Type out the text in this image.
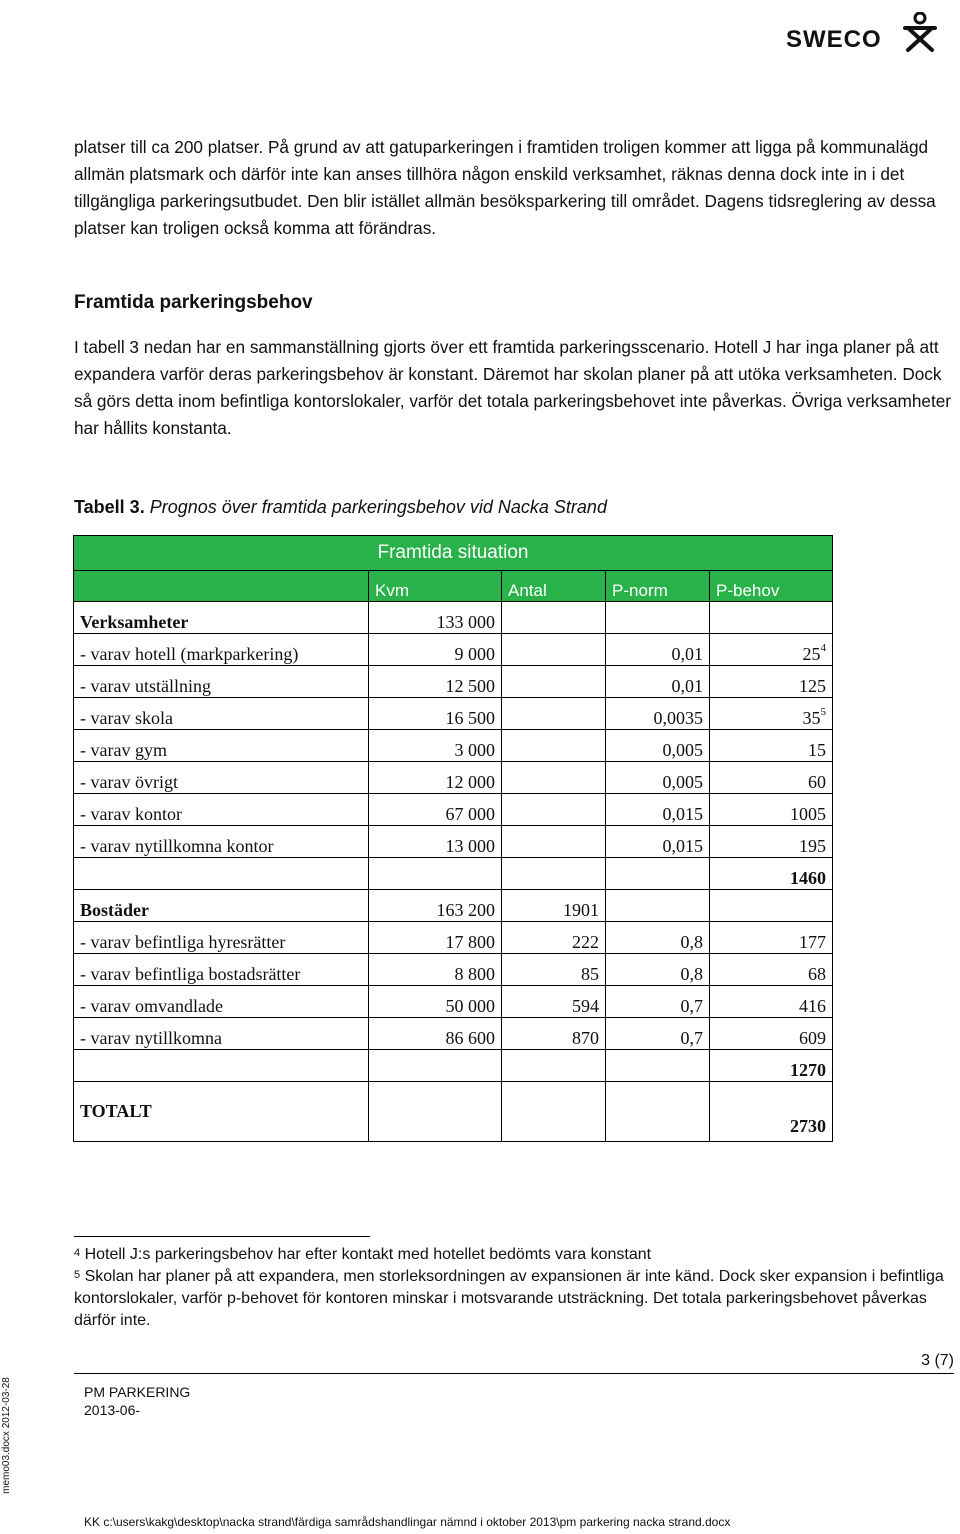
SWECO
platser till ca 200 platser. På grund av att gatuparkeringen i framtiden troligen kommer att ligga på kommunalägd allmän platsmark och därför inte kan anses tillhöra någon enskild verksamhet, räknas denna dock inte in i det tillgängliga parkeringsutbudet. Den blir istället allmän besöksparkering till området. Dagens tidsreglering av dessa platser kan troligen också komma att förändras.
Framtida parkeringsbehov
I tabell 3 nedan har en sammanställning gjorts över ett framtida parkeringsscenario. Hotell J har inga planer på att expandera varför deras parkeringsbehov är konstant. Däremot har skolan planer på att utöka verksamheten. Dock så görs detta inom befintliga kontorslokaler, varför det totala parkeringsbehovet inte påverkas. Övriga verksamheter har hållits konstanta.
Tabell 3. Prognos över framtida parkeringsbehov vid Nacka Strand
Framtida situation				
	Kvm	Antal	P-norm	P-behov
Verksamheter	133 000			
- varav hotell (markparkering)	9 000		0,01	$25^4$
- varav utställning	12 500		0,01	125
- varav skola	16 500		0,0035	$35^5$
- varav gym	3 000		0,005	15
- varav övrigt	12 000		0,005	60
- varav kontor	67 000		0,015	1005
- varav nytillkomna kontor	13 000		0,015	195
				1460
Bostäder	163 200	1901		
- varav befintliga hyresrätter	17 800	222	0,8	177
- varav befintliga bostadsrätter	8 800	85	0,8	68
- varav omvandlade	50 000	594	0,7	416
- varav nytillkomna	86 600	870	0,7	609
				1270
TOTALT				2730
$^4$ Hotell J:s parkeringsbehov har efter kontakt med hotellet bedömts vara konstant
$^5$ Skolan har planer på att expandera, men storleksordningen av expansionen är inte känd. Dock sker expansion i befintliga kontorslokaler, varför p-behovet för kontoren minskar i motsvarande utsträckning. Det totala parkeringsbehovet påverkas därför inte.
3 (7)
PM PARKERING
2013-06-
memo03.docx 2012-03-28
KK c:\users\kakg\desktop\nacka strand\färdiga samrådshandlingar nämnd i oktober 2013\pm parkering nacka strand.docx
